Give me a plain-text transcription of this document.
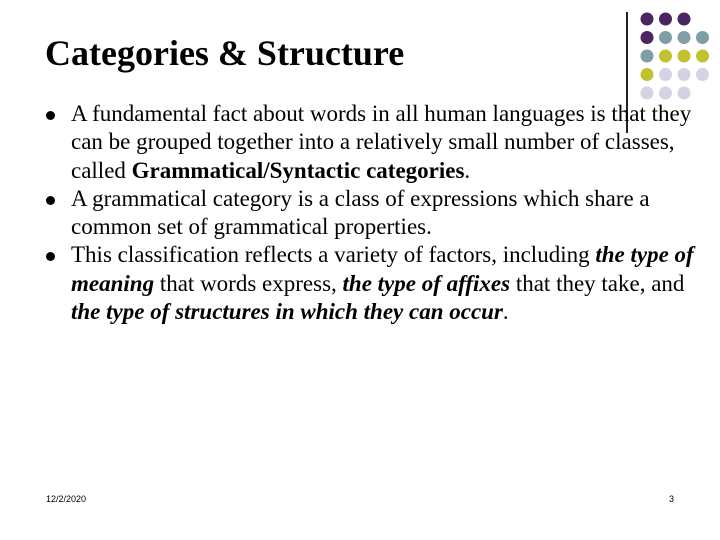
Categories & Structure
A fundamental fact about words in all human languages is that they can be grouped together into a relatively small number of classes, called Grammatical/Syntactic categories.
A grammatical category is a class of expressions which share a common set of grammatical properties.
This classification reflects a variety of factors, including the type of meaning that words express, the type of affixes that they take, and the type of structures in which they can occur.
12/2/2020	3
